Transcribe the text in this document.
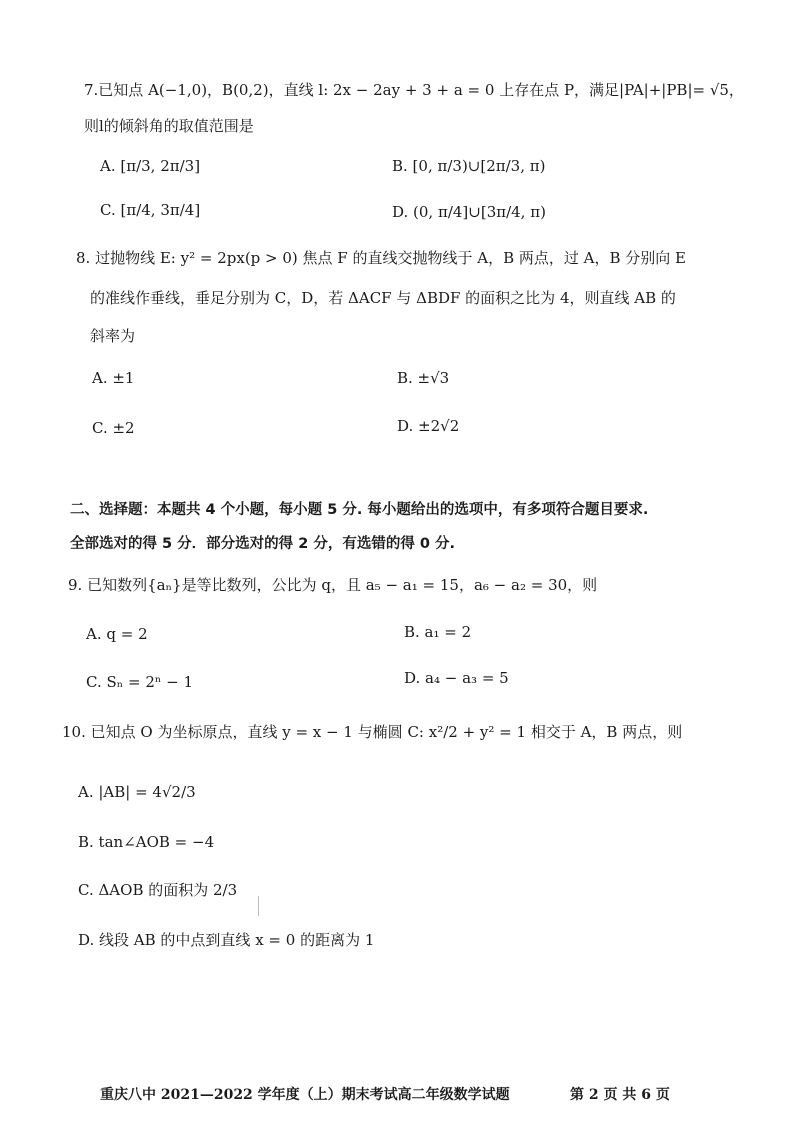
7.已知点 A(−1,0)，B(0,2)，直线 l: 2x − 2ay + 3 + a = 0 上存在点 P，满足|PA|+|PB|= √5，
则l的倾斜角的取值范围是
A. [π/3, 2π/3]	B. [0, π/3)∪[2π/3, π)
C. [π/4, 3π/4]	D. (0, π/4]∪[3π/4, π)
8. 过抛物线 E: y² = 2px(p > 0) 焦点 F 的直线交抛物线于 A，B 两点，过 A，B 分别向 E
的准线作垂线，垂足分别为 C，D，若 ΔACF 与 ΔBDF 的面积之比为 4，则直线 AB 的
斜率为
A. ±1	B. ±√3
C. ±2	D. ±2√2
二、选择题：本题共 4 个小题，每小题 5 分. 每小题给出的选项中，有多项符合题目要求.
全部选对的得 5 分．部分选对的得 2 分，有选错的得 0 分.
9. 已知数列{aₙ}是等比数列，公比为 q，且 a₅ − a₁ = 15，a₆ − a₂ = 30，则
A. q = 2	B. a₁ = 2
C. Sₙ = 2ⁿ − 1	D. a₄ − a₃ = 5
10. 已知点 O 为坐标原点，直线 y = x − 1 与椭圆 C: x²/2 + y² = 1 相交于 A，B 两点，则
A. |AB| = 4√2/3
B. tan∠AOB = −4
C. ΔAOB 的面积为 2/3
D. 线段 AB 的中点到直线 x = 0 的距离为 1
重庆八中 2021—2022 学年度（上）期末考试高二年级数学试题	第 2 页 共 6 页
